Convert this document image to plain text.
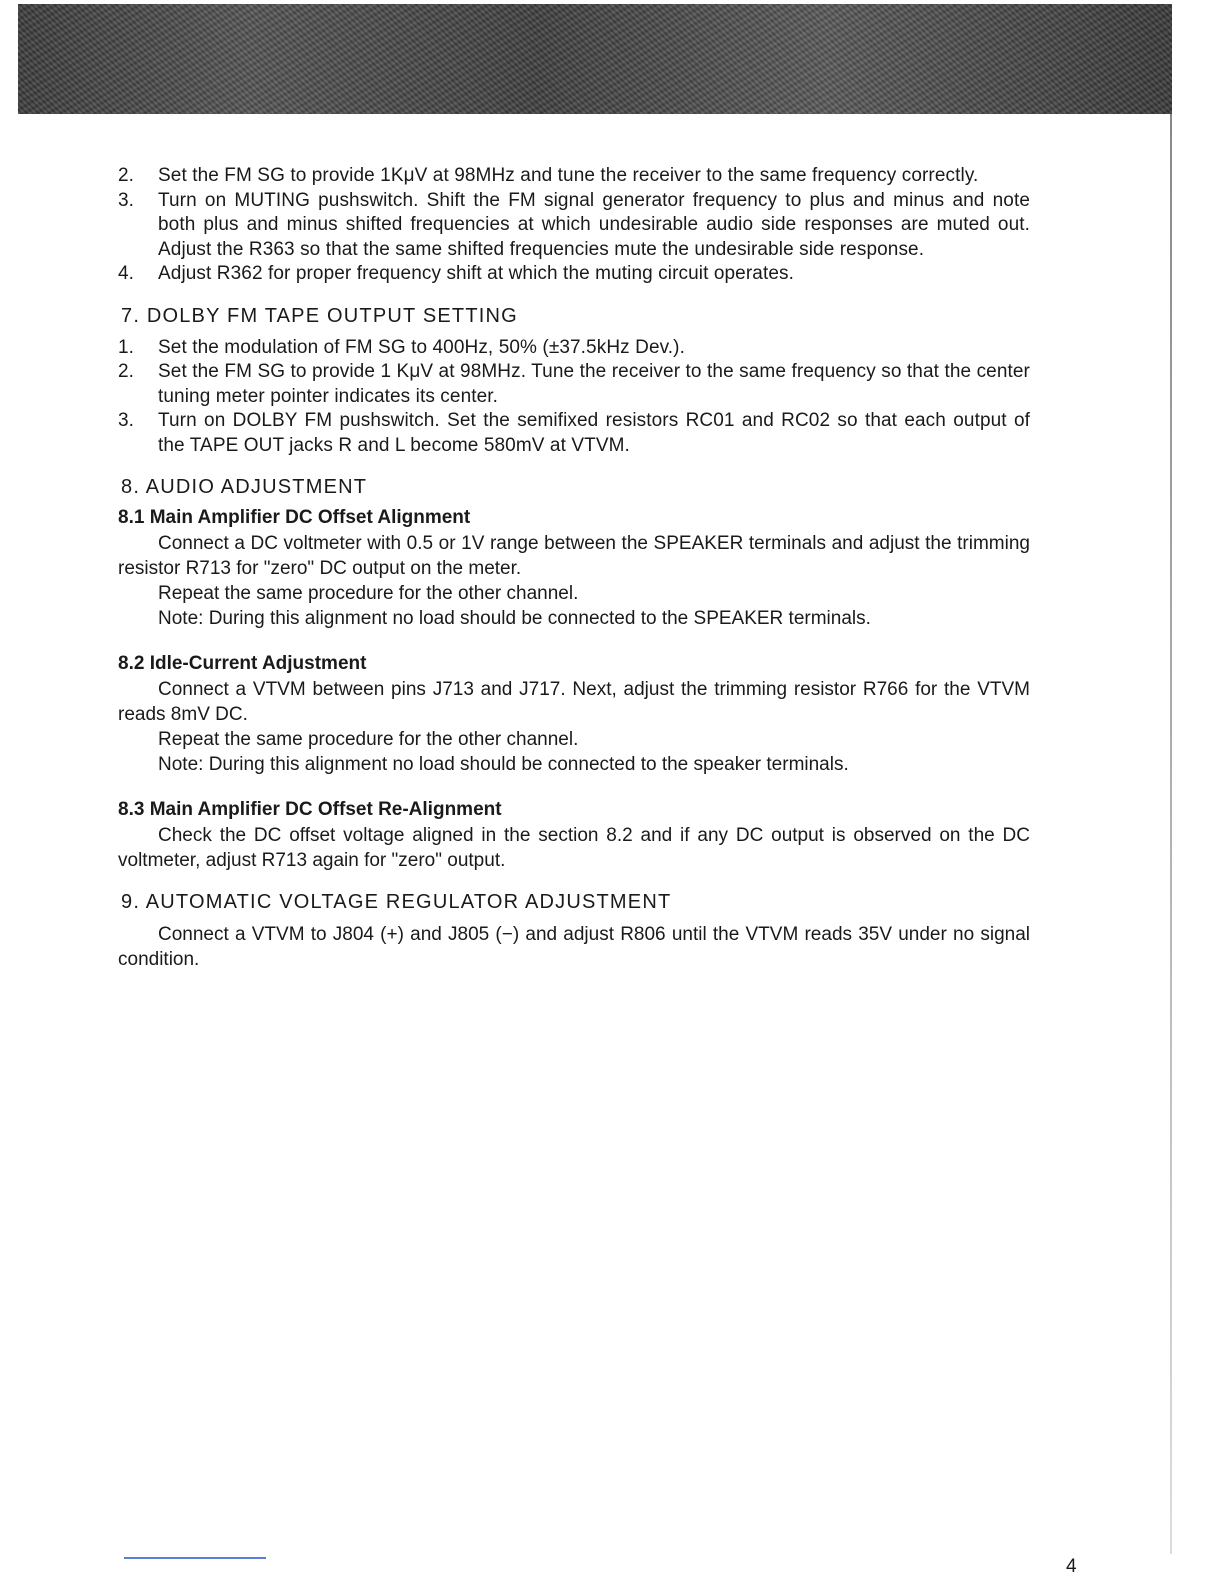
2.	Set the FM SG to provide 1KμV at 98MHz and tune the receiver to the same frequency correctly.
3.	Turn on MUTING pushswitch. Shift the FM signal generator frequency to plus and minus and note both plus and minus shifted frequencies at which undesirable audio side responses are muted out. Adjust the R363 so that the same shifted frequencies mute the undesirable side response.
4.	Adjust R362 for proper frequency shift at which the muting circuit operates.
7. DOLBY FM TAPE OUTPUT SETTING
1.	Set the modulation of FM SG to 400Hz, 50% (±37.5kHz Dev.).
2.	Set the FM SG to provide 1 KμV at 98MHz. Tune the receiver to the same frequency so that the center tuning meter pointer indicates its center.
3.	Turn on DOLBY FM pushswitch. Set the semifixed resistors RC01 and RC02 so that each output of the TAPE OUT jacks R and L become 580mV at VTVM.
8. AUDIO ADJUSTMENT
8.1 Main Amplifier DC Offset Alignment

Connect a DC voltmeter with 0.5 or 1V range between the SPEAKER terminals and adjust the trimming resistor R713 for "zero" DC output on the meter.

Repeat the same procedure for the other channel.

Note: During this alignment no load should be connected to the SPEAKER terminals.

8.2 Idle-Current Adjustment

Connect a VTVM between pins J713 and J717. Next, adjust the trimming resistor R766 for the VTVM reads 8mV DC.

Repeat the same procedure for the other channel.

Note: During this alignment no load should be connected to the speaker terminals.

8.3 Main Amplifier DC Offset Re-Alignment

Check the DC offset voltage aligned in the section 8.2 and if any DC output is observed on the DC voltmeter, adjust R713 again for "zero" output.

9. AUTOMATIC VOLTAGE REGULATOR ADJUSTMENT

Connect a VTVM to J804 (+) and J805 (−) and adjust R806 until the VTVM reads 35V under no signal condition.

4
